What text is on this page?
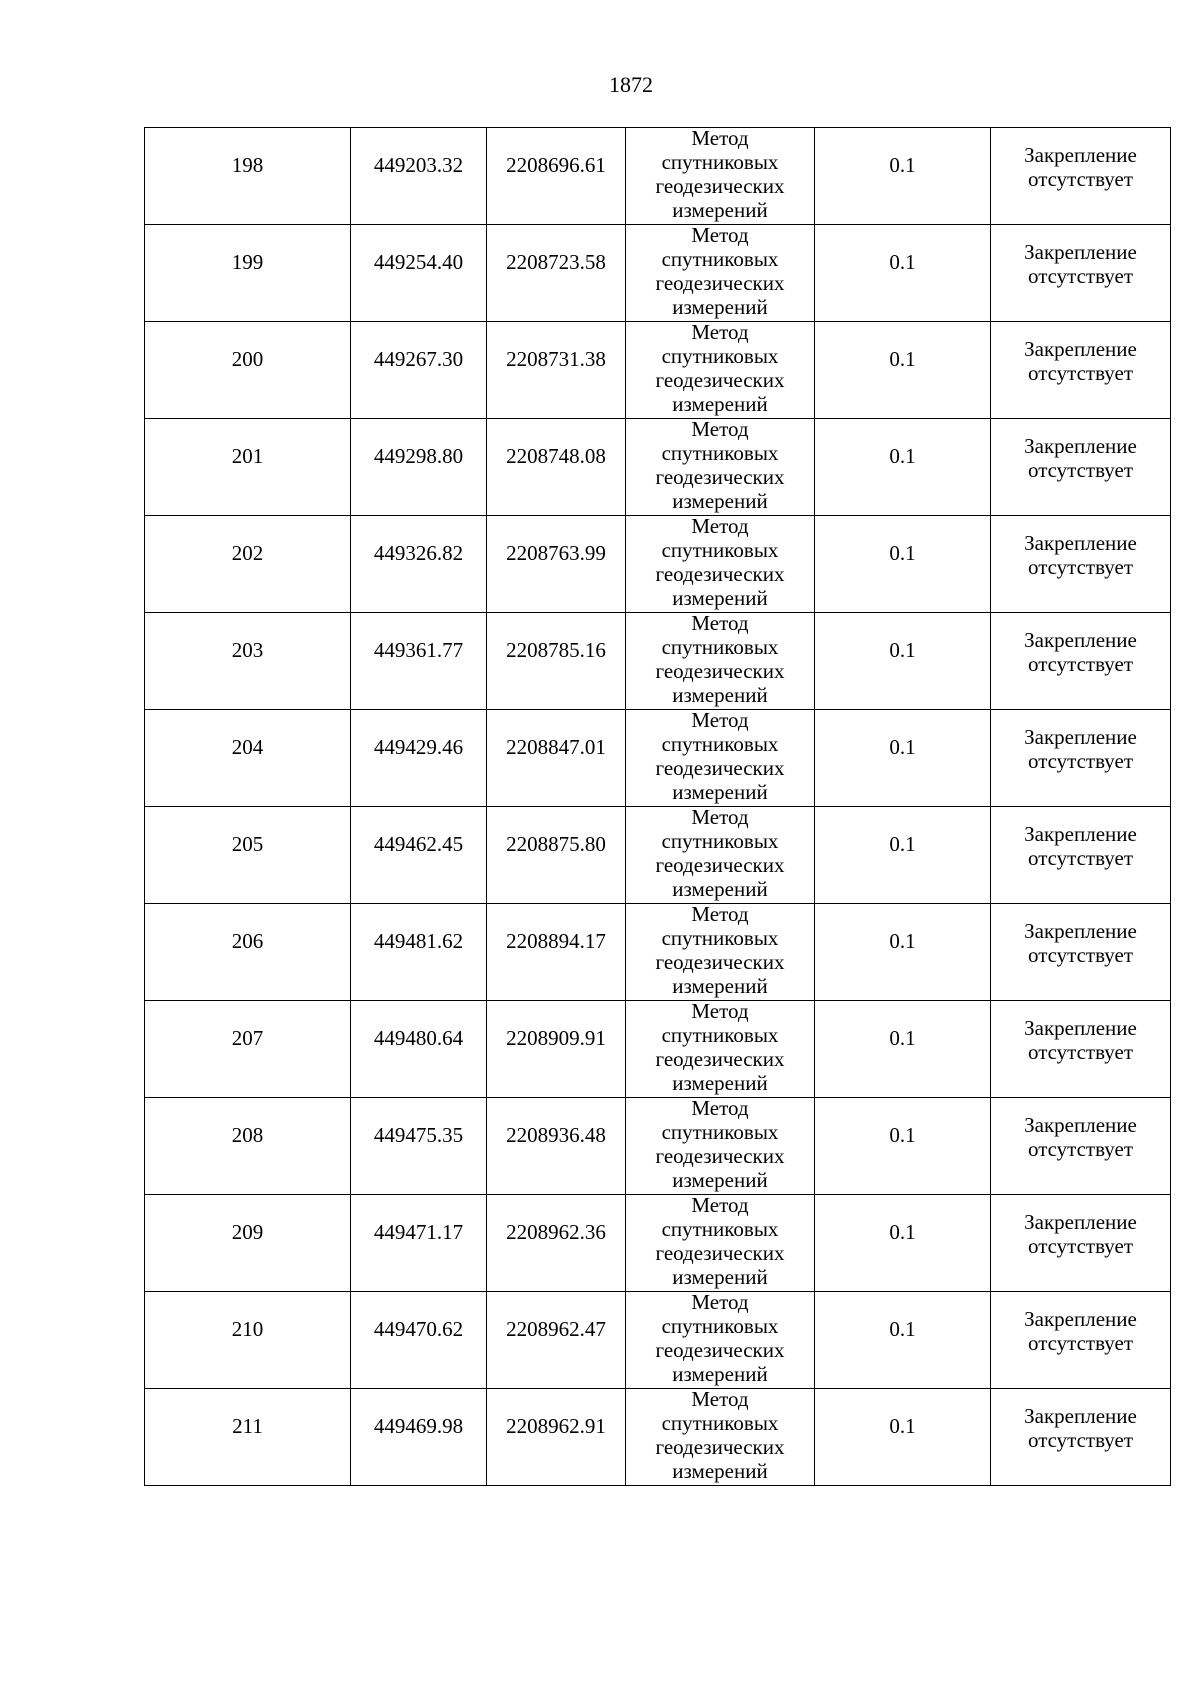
1872
198	449203.32	2208696.61	Метод
спутниковых
геодезических
измерений	0.1	Закрепление
отсутствует

199	449254.40	2208723.58	Метод
спутниковых
геодезических
измерений	0.1	Закрепление
отсутствует

200	449267.30	2208731.38	Метод
спутниковых
геодезических
измерений	0.1	Закрепление
отсутствует

201	449298.80	2208748.08	Метод
спутниковых
геодезических
измерений	0.1	Закрепление
отсутствует

202	449326.82	2208763.99	Метод
спутниковых
геодезических
измерений	0.1	Закрепление
отсутствует

203	449361.77	2208785.16	Метод
спутниковых
геодезических
измерений	0.1	Закрепление
отсутствует

204	449429.46	2208847.01	Метод
спутниковых
геодезических
измерений	0.1	Закрепление
отсутствует

205	449462.45	2208875.80	Метод
спутниковых
геодезических
измерений	0.1	Закрепление
отсутствует

206	449481.62	2208894.17	Метод
спутниковых
геодезических
измерений	0.1	Закрепление
отсутствует

207	449480.64	2208909.91	Метод
спутниковых
геодезических
измерений	0.1	Закрепление
отсутствует

208	449475.35	2208936.48	Метод
спутниковых
геодезических
измерений	0.1	Закрепление
отсутствует

209	449471.17	2208962.36	Метод
спутниковых
геодезических
измерений	0.1	Закрепление
отсутствует

210	449470.62	2208962.47	Метод
спутниковых
геодезических
измерений	0.1	Закрепление
отсутствует

211	449469.98	2208962.91	Метод
спутниковых
геодезических
измерений	0.1	Закрепление
отсутствует
